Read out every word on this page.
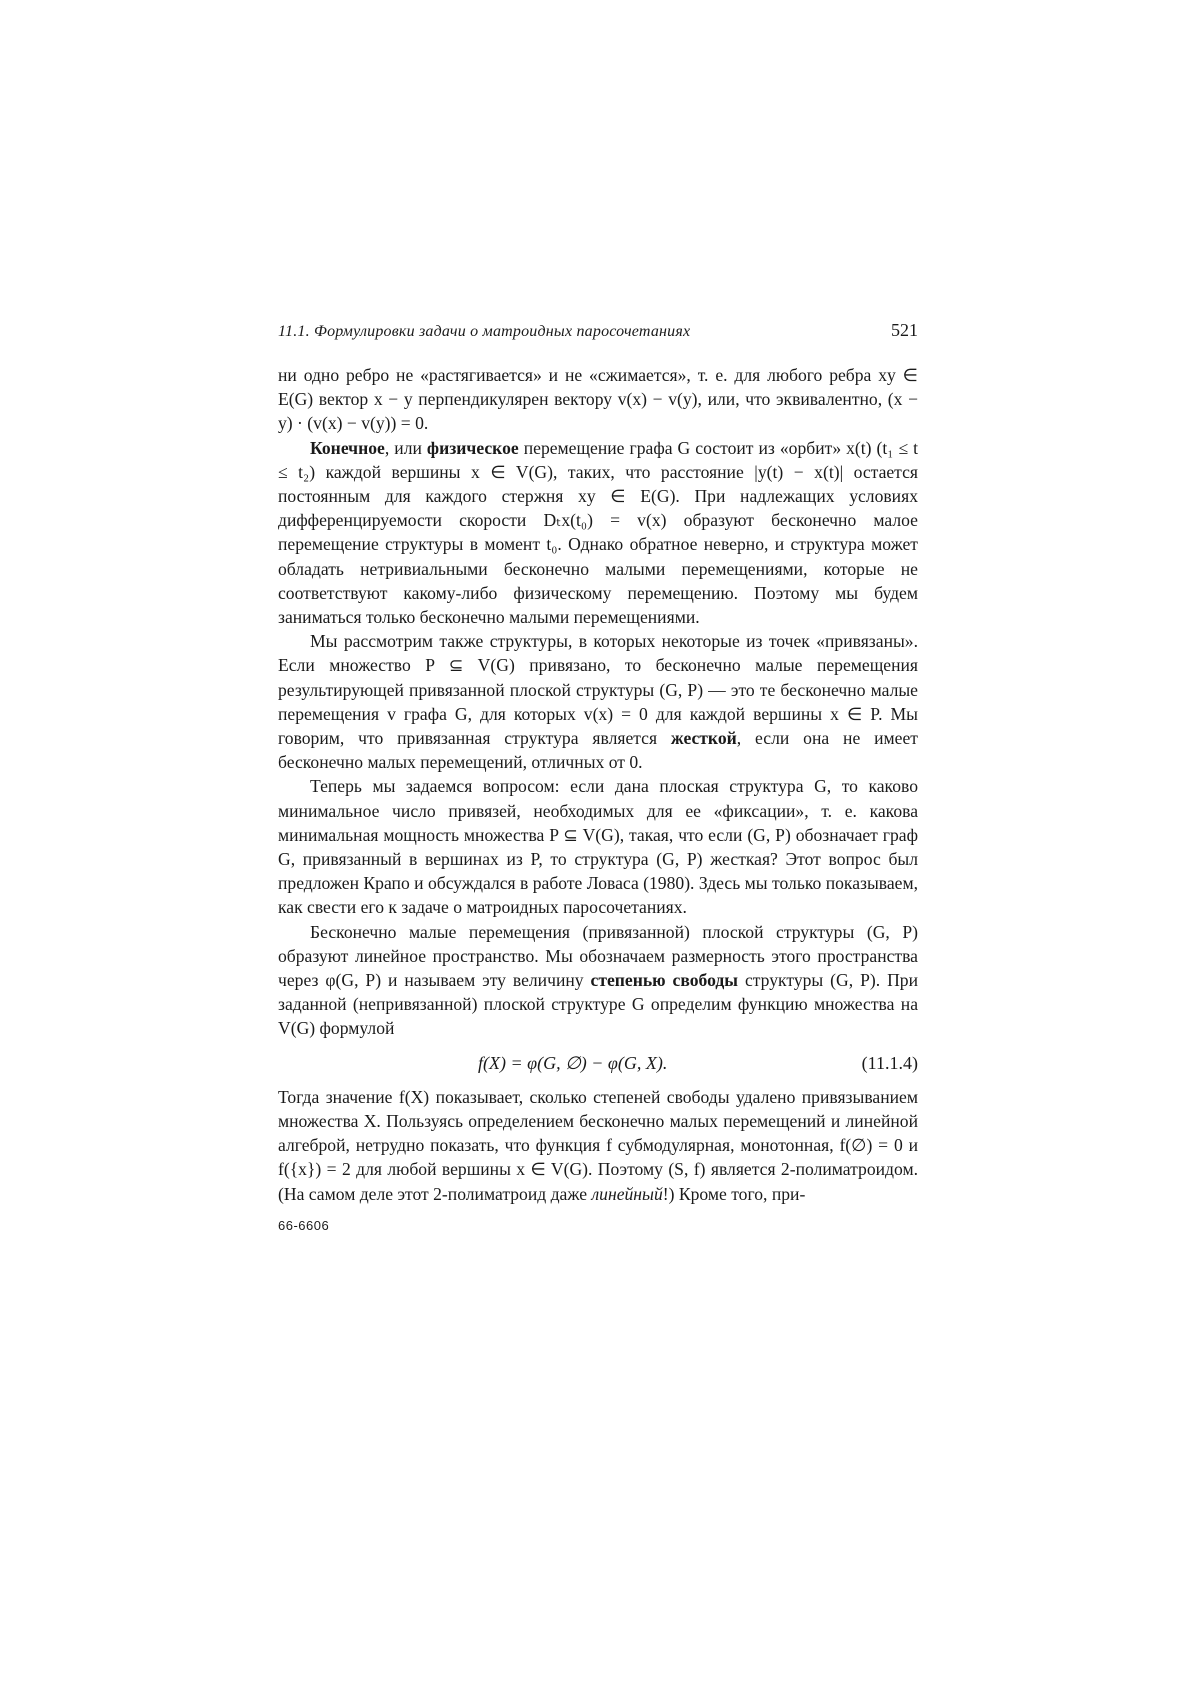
11.1. Формулировки задачи о матроидных паросочетаниях	521

ни одно ребро не «растягивается» и не «сжимается», т. е. для любого ребра xy ∈ E(G) вектор x − y перпендикулярен вектору v(x) − v(y), или, что эквивалентно, (x − y) · (v(x) − v(y)) = 0.

Конечное, или физическое перемещение графа G состоит из «орбит» x(t) (t₁ ≤ t ≤ t₂) каждой вершины x ∈ V(G), таких, что расстояние |y(t) − x(t)| остается постоянным для каждого стержня xy ∈ E(G). При надлежащих условиях дифференцируемости скорости Dₜx(t₀) = v(x) образуют бесконечно малое перемещение структуры в момент t₀. Однако обратное неверно, и структура может обладать нетривиальными бесконечно малыми перемещениями, которые не соответствуют какому-либо физическому перемещению. Поэтому мы будем заниматься только бесконечно малыми перемещениями.

Мы рассмотрим также структуры, в которых некоторые из точек «привязаны». Если множество P ⊆ V(G) привязано, то бесконечно малые перемещения результирующей привязанной плоской структуры (G, P) — это те бесконечно малые перемещения v графа G, для которых v(x) = 0 для каждой вершины x ∈ P. Мы говорим, что привязанная структура является жесткой, если она не имеет бесконечно малых перемещений, отличных от 0.

Теперь мы задаемся вопросом: если дана плоская структура G, то каково минимальное число привязей, необходимых для ее «фиксации», т. е. какова минимальная мощность множества P ⊆ V(G), такая, что если (G, P) обозначает граф G, привязанный в вершинах из P, то структура (G, P) жесткая? Этот вопрос был предложен Крапо и обсуждался в работе Ловаса (1980). Здесь мы только показываем, как свести его к задаче о матроидных паросочетаниях.

Бесконечно малые перемещения (привязанной) плоской структуры (G, P) образуют линейное пространство. Мы обозначаем размерность этого пространства через φ(G, P) и называем эту величину степенью свободы структуры (G, P). При заданной (непривязанной) плоской структуре G определим функцию множества на V(G) формулой

f(X) = φ(G, ∅) − φ(G, X).	(11.1.4)

Тогда значение f(X) показывает, сколько степеней свободы удалено привязыванием множества X. Пользуясь определением бесконечно малых перемещений и линейной алгеброй, нетрудно показать, что функция f субмодулярная, монотонная, f(∅) = 0 и f({x}) = 2 для любой вершины x ∈ V(G). Поэтому (S, f) является 2-полиматроидом. (На самом деле этот 2-полиматроид даже линейный!) Кроме того, при-

66-6606
